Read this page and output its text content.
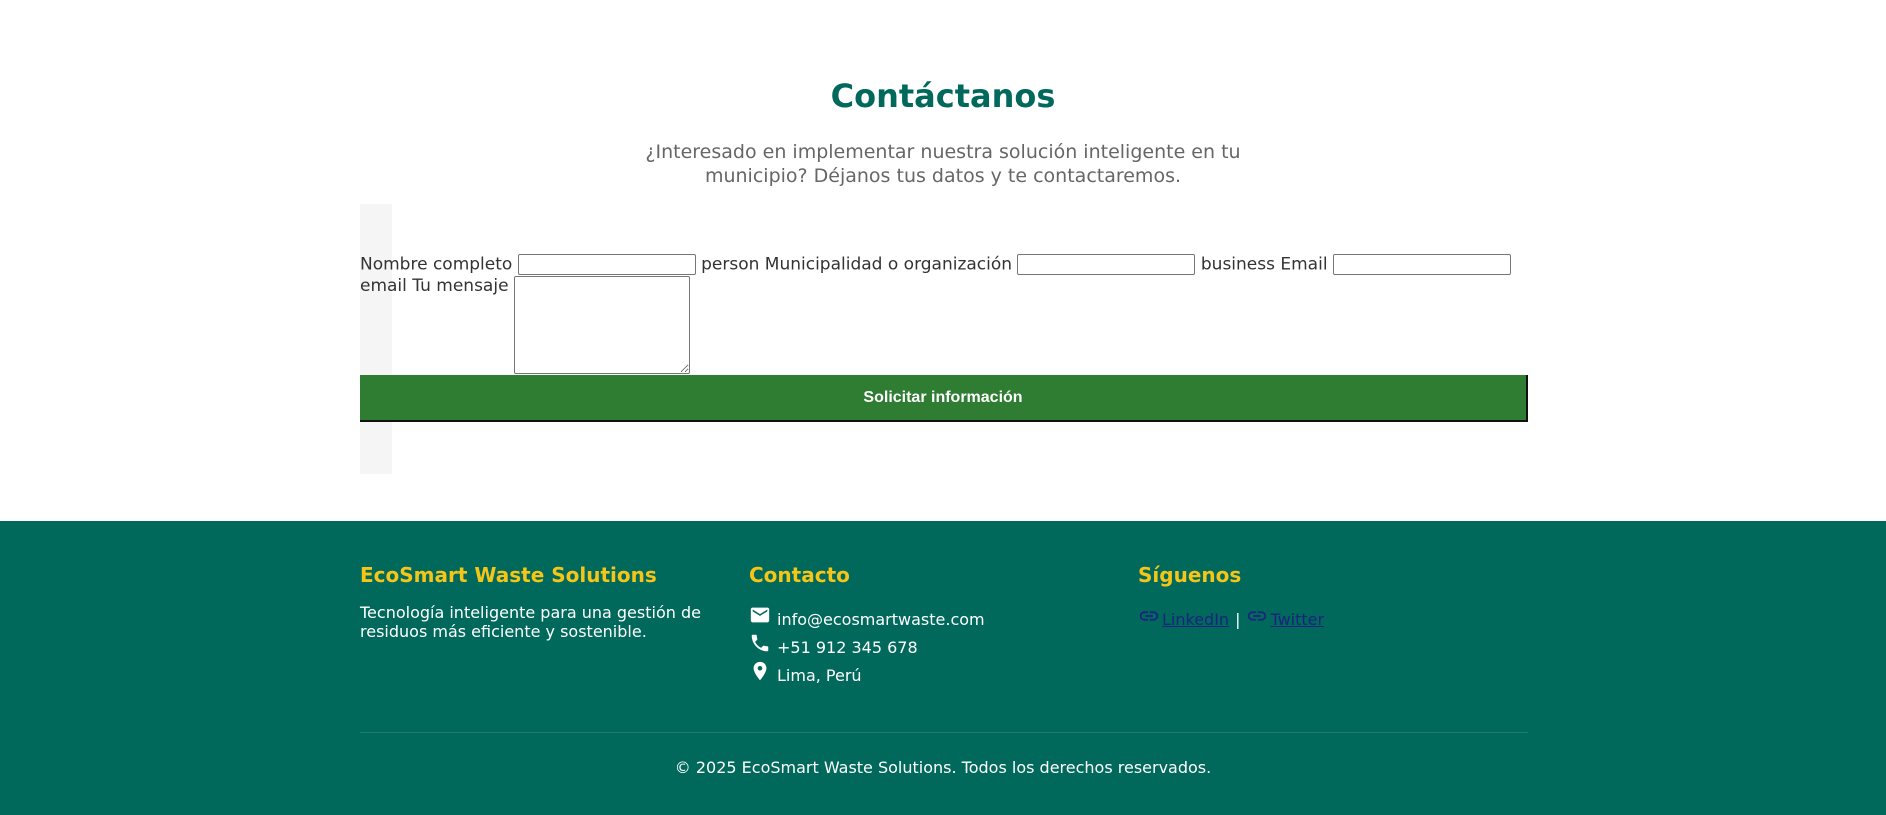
Contáctanos

¿Interesado en implementar nuestra solución inteligente en tu municipio? Déjanos tus datos y te contactaremos.

Nombre completo	person Municipalidad o organización	business Email  email Tu mensaje
Solicitar información
EcoSmart Waste Solutions

Tecnología inteligente para una gestión de residuos más eficiente y sostenible.

Contacto
info@ecosmartwaste.com
+51 912 345 678
Lima, Perú
Síguenos
LinkedIn | Twitter

© 2025 EcoSmart Waste Solutions. Todos los derechos reservados.
